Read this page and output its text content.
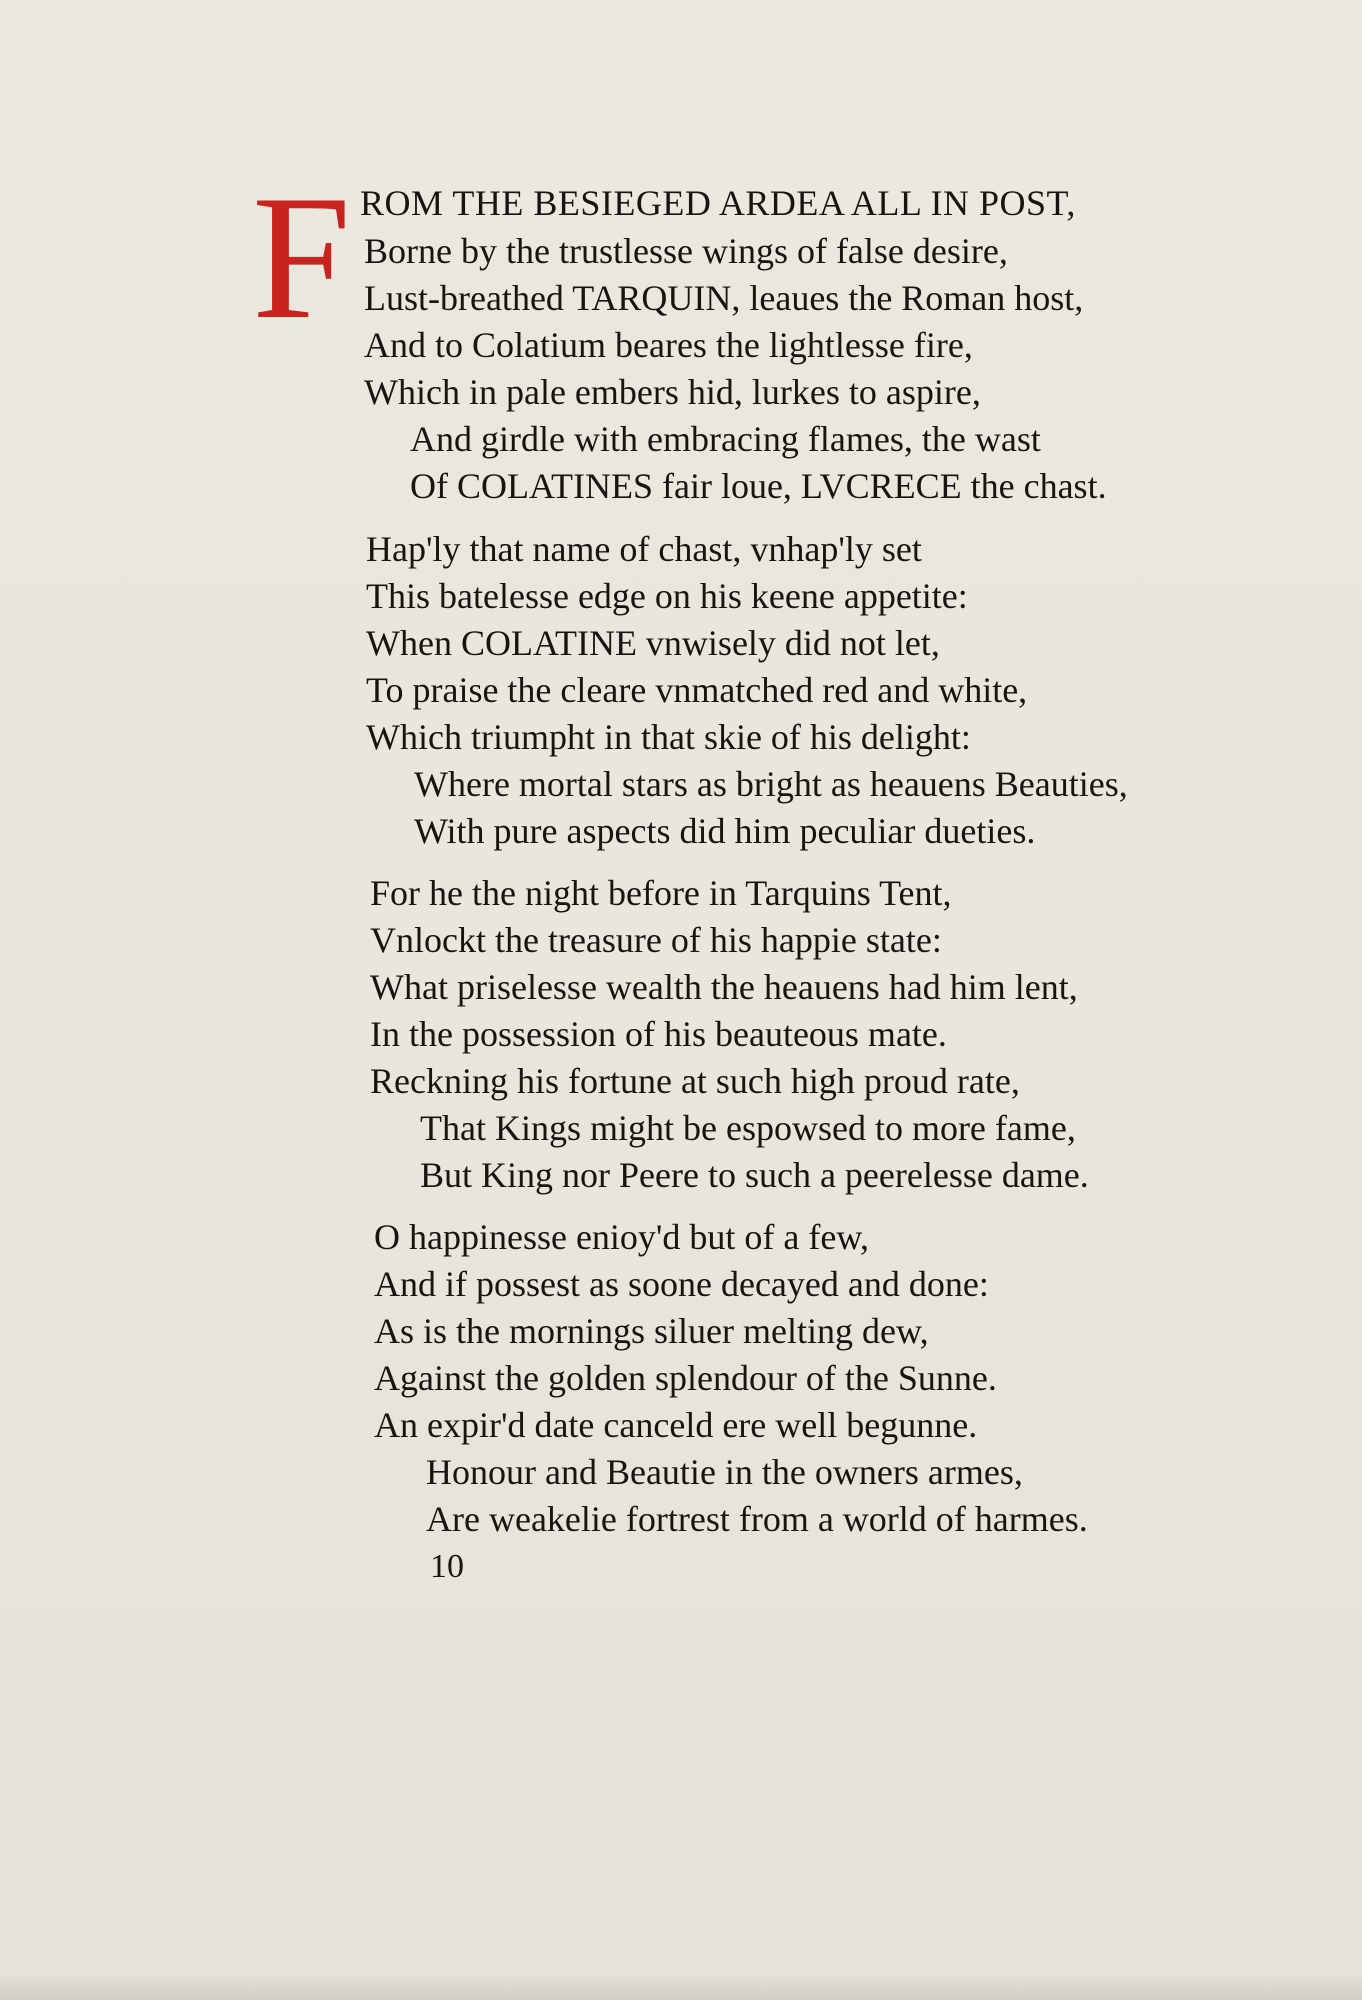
F ROM THE BESIEGED ARDEA ALL IN POST,
Borne by the trustlesse wings of false desire,
Lust-breathed TARQUIN, leaues the Roman host,
And to Colatium beares the lightlesse fire,
Which in pale embers hid, lurkes to aspire,
And girdle with embracing flames, the wast
Of COLATINES fair loue, LVCRECE the chast.
Hap'ly that name of chast, vnhap'ly set
This batelesse edge on his keene appetite:
When COLATINE vnwisely did not let,
To praise the cleare vnmatched red and white,
Which triumpht in that skie of his delight:
Where mortal stars as bright as heauens Beauties,
With pure aspects did him peculiar dueties.
For he the night before in Tarquins Tent,
Vnlockt the treasure of his happie state:
What priselesse wealth the heauens had him lent,
In the possession of his beauteous mate.
Reckning his fortune at such high proud rate,
That Kings might be espowsed to more fame,
But King nor Peere to such a peerelesse dame.
O happinesse enioy'd but of a few,
And if possest as soone decayed and done:
As is the mornings siluer melting dew,
Against the golden splendour of the Sunne.
An expir'd date canceld ere well begunne.
Honour and Beautie in the owners armes,
Are weakelie fortrest from a world of harmes.
10
